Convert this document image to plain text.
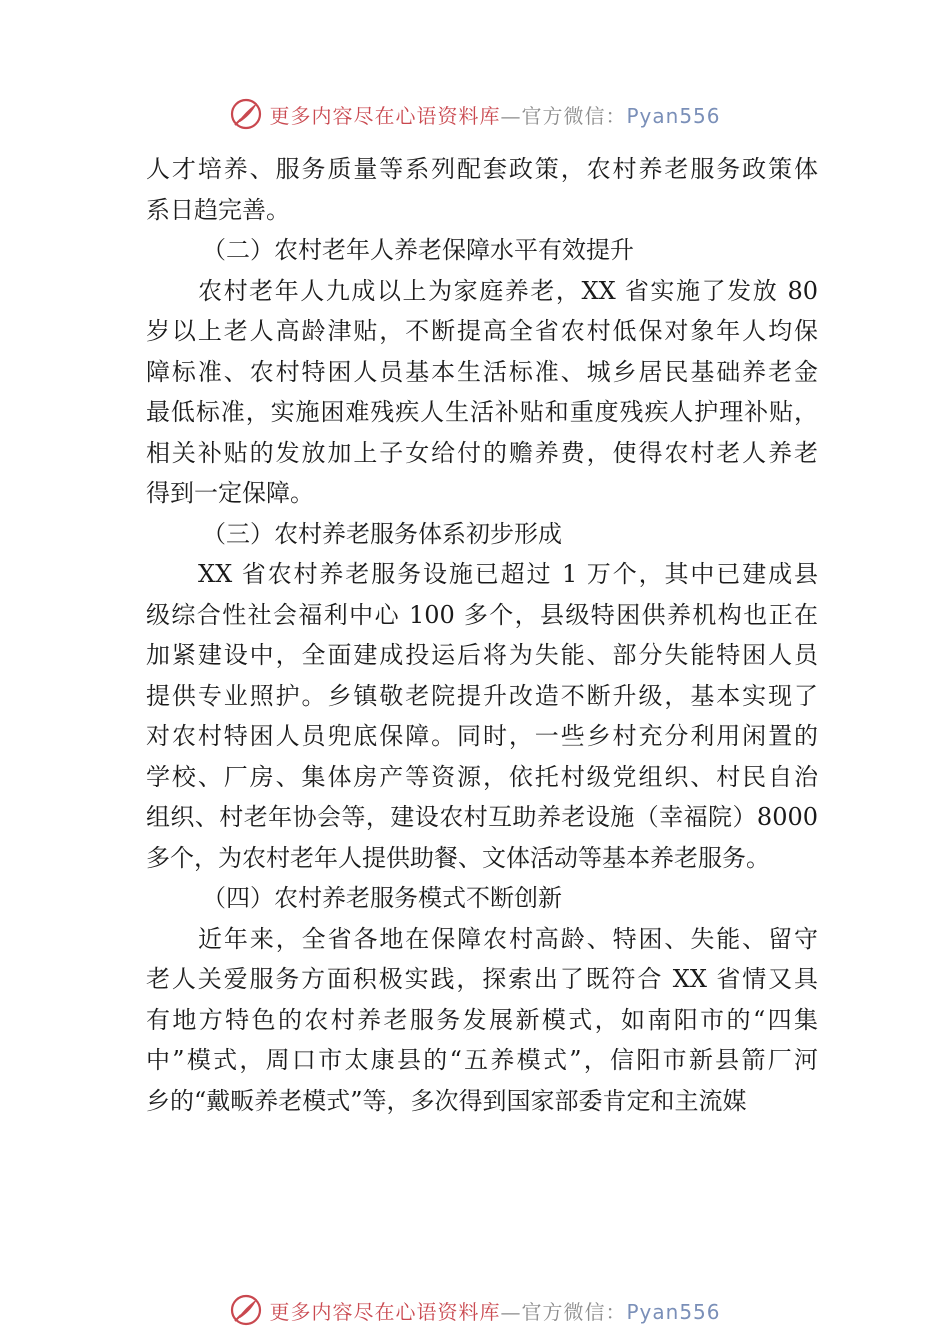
更多内容尽在心语资料库—官方微信：Pyan556
人才培养、服务质量等系列配套政策，农村养老服务政策体
系日趋完善。
（二）农村老年人养老保障水平有效提升
农村老年人九成以上为家庭养老，XX 省实施了发放 80
岁以上老人高龄津贴，不断提高全省农村低保对象年人均保
障标准、农村特困人员基本生活标准、城乡居民基础养老金
最低标准，实施困难残疾人生活补贴和重度残疾人护理补贴，
相关补贴的发放加上子女给付的赡养费，使得农村老人养老
得到一定保障。
（三）农村养老服务体系初步形成
XX 省农村养老服务设施已超过 1 万个，其中已建成县
级综合性社会福利中心 100 多个，县级特困供养机构也正在
加紧建设中，全面建成投运后将为失能、部分失能特困人员
提供专业照护。乡镇敬老院提升改造不断升级，基本实现了
对农村特困人员兜底保障。同时，一些乡村充分利用闲置的
学校、厂房、集体房产等资源，依托村级党组织、村民自治
组织、村老年协会等，建设农村互助养老设施（幸福院）8000
多个，为农村老年人提供助餐、文体活动等基本养老服务。
（四）农村养老服务模式不断创新
近年来，全省各地在保障农村高龄、特困、失能、留守
老人关爱服务方面积极实践，探索出了既符合 XX 省情又具
有地方特色的农村养老服务发展新模式，如南阳市的“四集
中”模式，周口市太康县的“五养模式”，信阳市新县箭厂河
乡的“戴畈养老模式”等，多次得到国家部委肯定和主流媒
更多内容尽在心语资料库—官方微信：Pyan556
